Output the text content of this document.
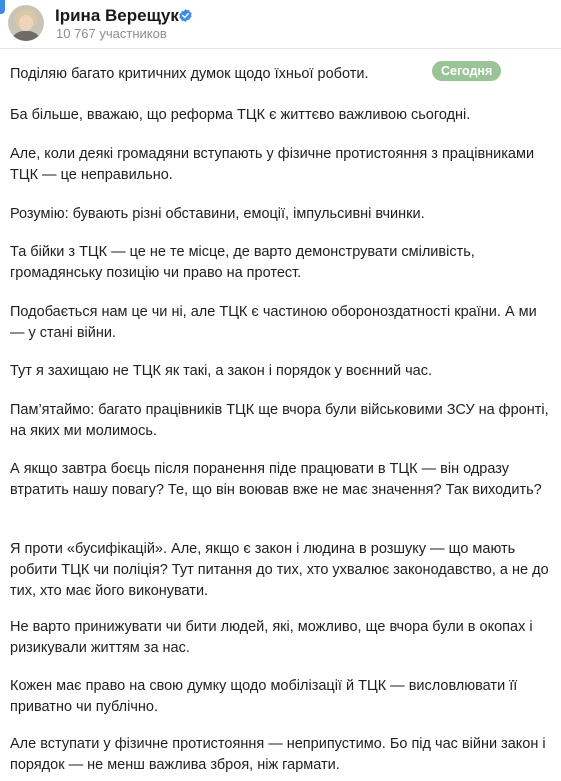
Ірина Верещук
10 767 участников
Сегодня

Поділяю багато критичних думок щодо їхньої роботи.

Ба більше, вважаю, що реформа ТЦК є життєво важливою сьогодні.

Але, коли деякі громадяни вступають у фізичне протистояння з працівниками ТЦК — це неправильно.

Розумію: бувають різні обставини, емоції, імпульсивні вчинки.

Та бійки з ТЦК — це не те місце, де варто демонструвати сміливість, громадянську позицію чи право на протест.

Подобається нам це чи ні, але ТЦК є частиною обороноздатності країни. А ми — у стані війни.

Тут я захищаю не ТЦК як такі, а закон і порядок у воєнний час.

Пам’ятаймо: багато працівників ТЦК ще вчора були військовими ЗСУ на фронті, на яких ми молимось.

А якщо завтра боєць після поранення піде працювати в ТЦК — він одразу втратить нашу повагу? Те, що він воював вже не має значення? Так виходить?

Я проти «бусифікацій». Але, якщо є закон і людина в розшуку — що мають робити ТЦК чи поліція? Тут питання до тих, хто ухвалює законодавство, а не до тих, хто має його виконувати.

Не варто принижувати чи бити людей, які, можливо, ще вчора були в окопах і ризикували життям за нас.

Кожен має право на свою думку щодо мобілізації й ТЦК — висловлювати її приватно чи публічно.

Але вступати у фізичне протистояння — неприпустимо. Бо під час війни закон і порядок — не менш важлива зброя, ніж гармати.
